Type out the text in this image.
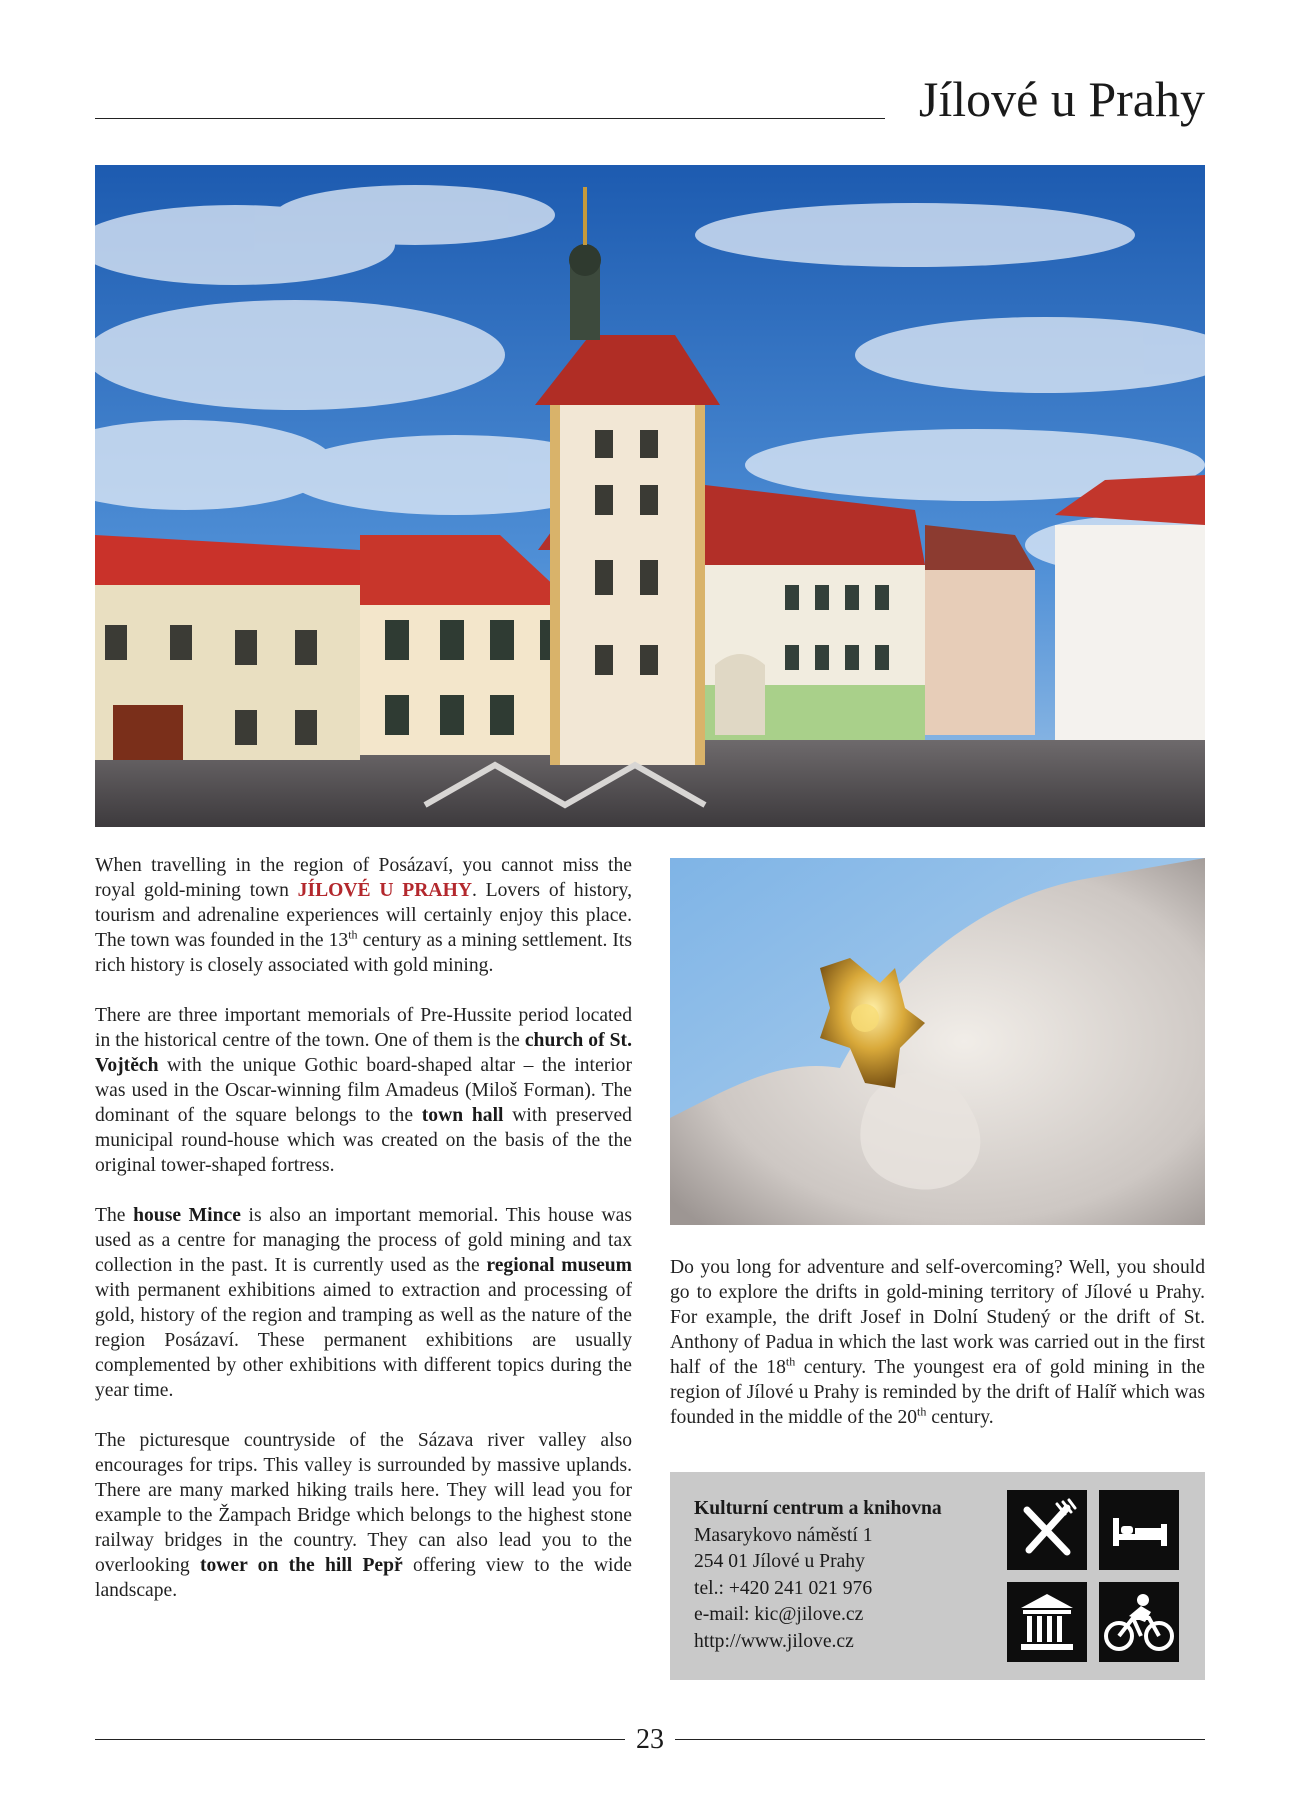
Jílové u Prahy

When travelling in the region of Posázaví, you cannot miss the royal gold-mining town JÍLOVÉ U PRAHY. Lovers of history, tourism and adrenaline experiences will certainly enjoy this place. The town was founded in the 13th century as a mining settlement. Its rich history is closely associated with gold mining.

There are three important memorials of Pre-Hussite period located in the historical centre of the town. One of them is the church of St. Vojtěch with the unique Gothic board-shaped altar – the interior was used in the Oscar-winning film Amadeus (Miloš Forman). The dominant of the square belongs to the town hall with preserved municipal round-house which was created on the basis of the the original tower-shaped fortress.

The house Mince is also an important memorial. This house was used as a centre for managing the process of gold mining and tax collection in the past. It is currently used as the regional museum with permanent exhibitions aimed to extraction and processing of gold, history of the region and tramping as well as the nature of the region Posázaví. These permanent exhibitions are usually complemented by other exhibitions with different topics during the year time.

The picturesque countryside of the Sázava river valley also encourages for trips. This valley is surrounded by massive uplands. There are many marked hiking trails here. They will lead you for example to the Žampach Bridge which belongs to the highest stone railway bridges in the country. They can also lead you to the overlooking tower on the hill Pepř offering view to the wide landscape.

Do you long for adventure and self-overcoming? Well, you should go to explore the drifts in gold-mining territory of Jílové u Prahy. For example, the drift Josef in Dolní Studený or the drift of St. Anthony of Padua in which the last work was carried out in the first half of the 18th century. The youngest era of gold mining in the region of Jílové u Prahy is reminded by the drift of Halíř which was founded in the middle of the 20th century.

Kulturní centrum a knihovna
Masarykovo náměstí 1
254 01 Jílové u Prahy
tel.: +420 241 021 976
e-mail: kic@jilove.cz
http://www.jilove.cz
23
